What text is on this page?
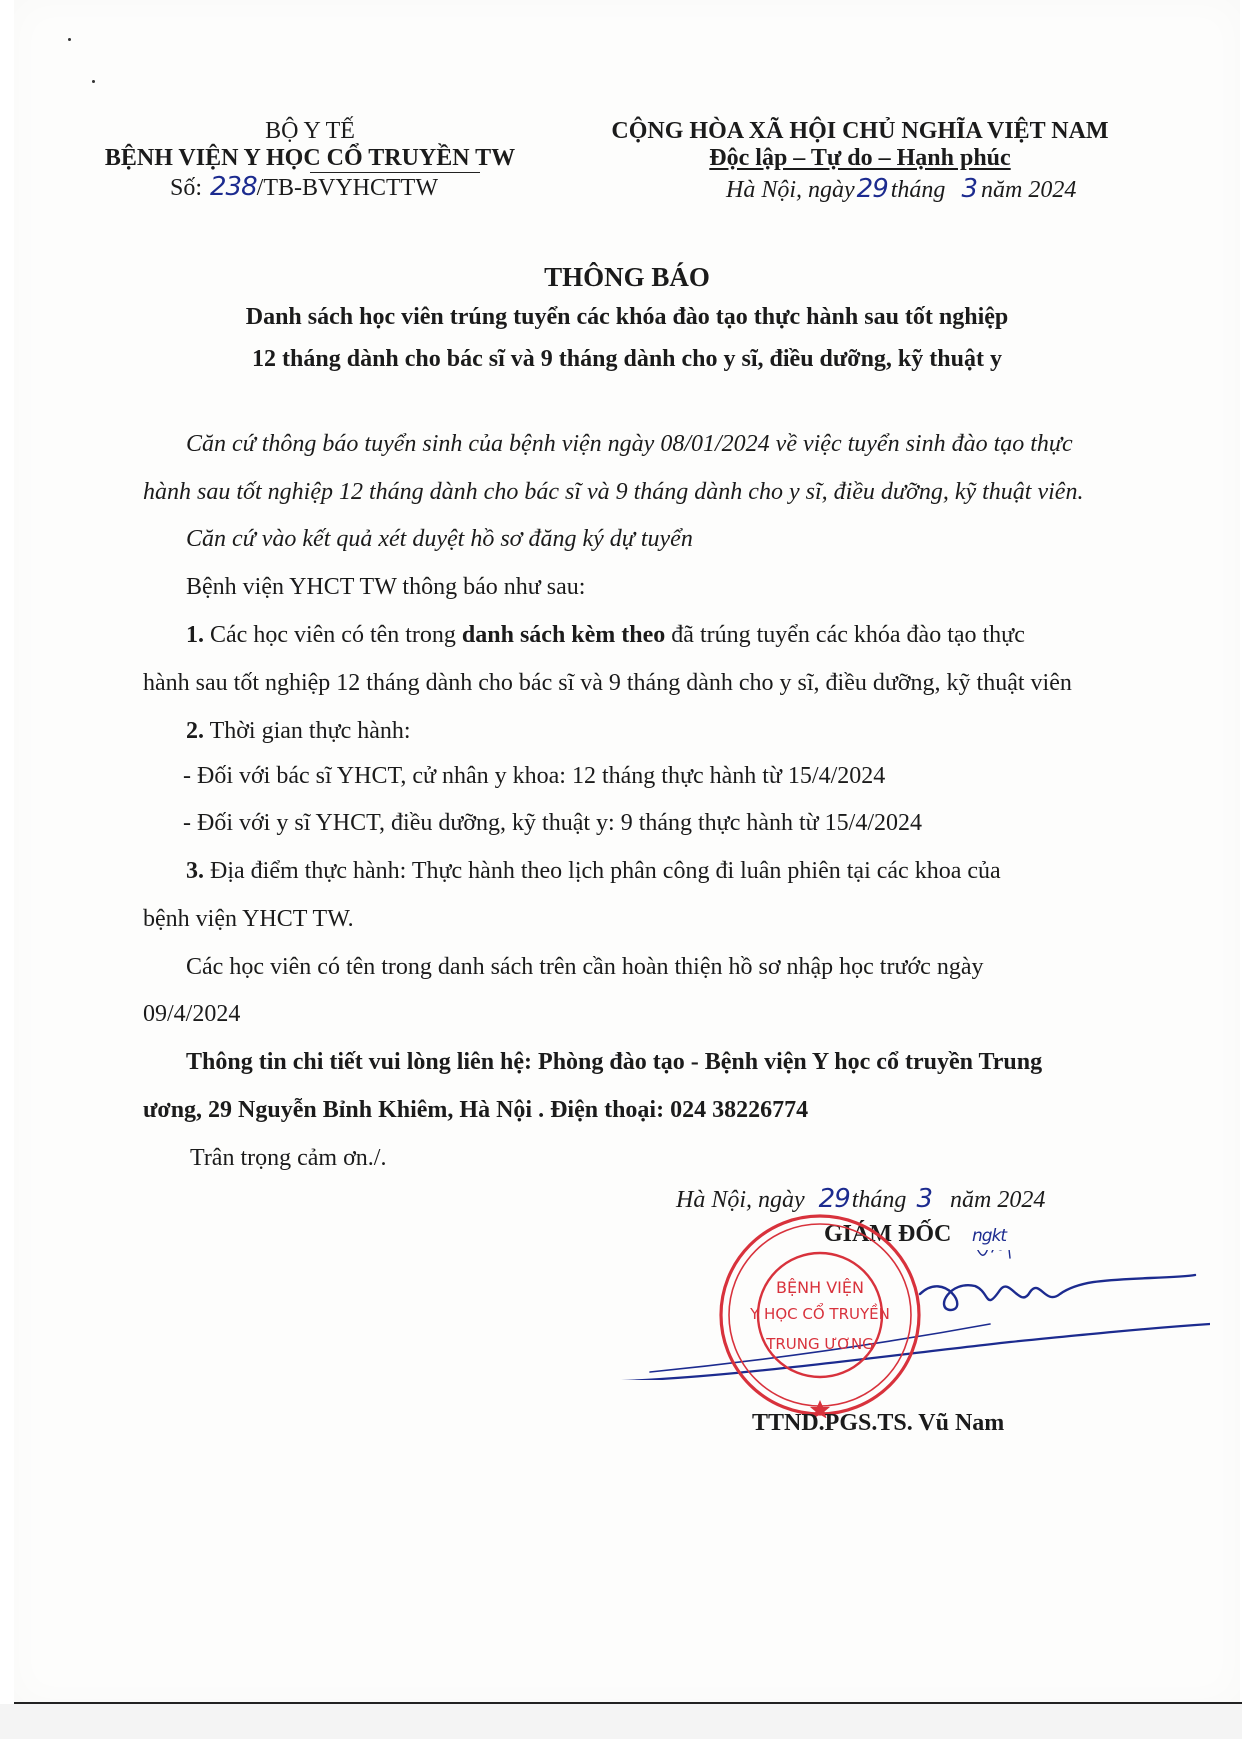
BỘ Y TẾ
BỆNH VIỆN Y HỌC CỔ TRUYỀN TW
Số: 238/TB-BVYHCTTW
CỘNG HÒA XÃ HỘI CHỦ NGHĨA VIỆT NAM
Độc lập – Tự do – Hạnh phúc
Hà Nội, ngày29 tháng 3 năm 2024
THÔNG BÁO
Danh sách học viên trúng tuyển các khóa đào tạo thực hành sau tốt nghiệp
12 tháng dành cho bác sĩ và 9 tháng dành cho y sĩ, điều dưỡng, kỹ thuật y
Căn cứ thông báo tuyển sinh của bệnh viện ngày 08/01/2024 về việc tuyển sinh đào tạo thực
hành sau tốt nghiệp 12 tháng dành cho bác sĩ và 9 tháng dành cho y sĩ, điều dưỡng, kỹ thuật viên.
Căn cứ vào kết quả xét duyệt hồ sơ đăng ký dự tuyển
Bệnh viện YHCT TW thông báo như sau:
1. Các học viên có tên trong danh sách kèm theo đã trúng tuyển các khóa đào tạo thực
hành sau tốt nghiệp 12 tháng dành cho bác sĩ và 9 tháng dành cho y sĩ, điều dưỡng, kỹ thuật viên
2. Thời gian thực hành:
- Đối với bác sĩ YHCT, cử nhân y khoa: 12 tháng thực hành từ 15/4/2024
- Đối với y sĩ YHCT, điều dưỡng, kỹ thuật y: 9 tháng thực hành từ 15/4/2024
3. Địa điểm thực hành: Thực hành theo lịch phân công đi luân phiên tại các khoa của
bệnh viện YHCT TW.
Các học viên có tên trong danh sách trên cần hoàn thiện hồ sơ nhập học trước ngày
09/4/2024
Thông tin chi tiết vui lòng liên hệ: Phòng đào tạo - Bệnh viện Y học cổ truyền Trung
ương, 29 Nguyễn Bỉnh Khiêm, Hà Nội . Điện thoại: 024 38226774
Trân trọng cảm ơn./.
Hà Nội, ngày 29tháng 3 năm 2024
GIÁM ĐỐC ngkt
BỆNH VIỆN
Y HỌC CỔ TRUYỀN
TRUNG ƯƠNG
TTND.PGS.TS. Vũ Nam
